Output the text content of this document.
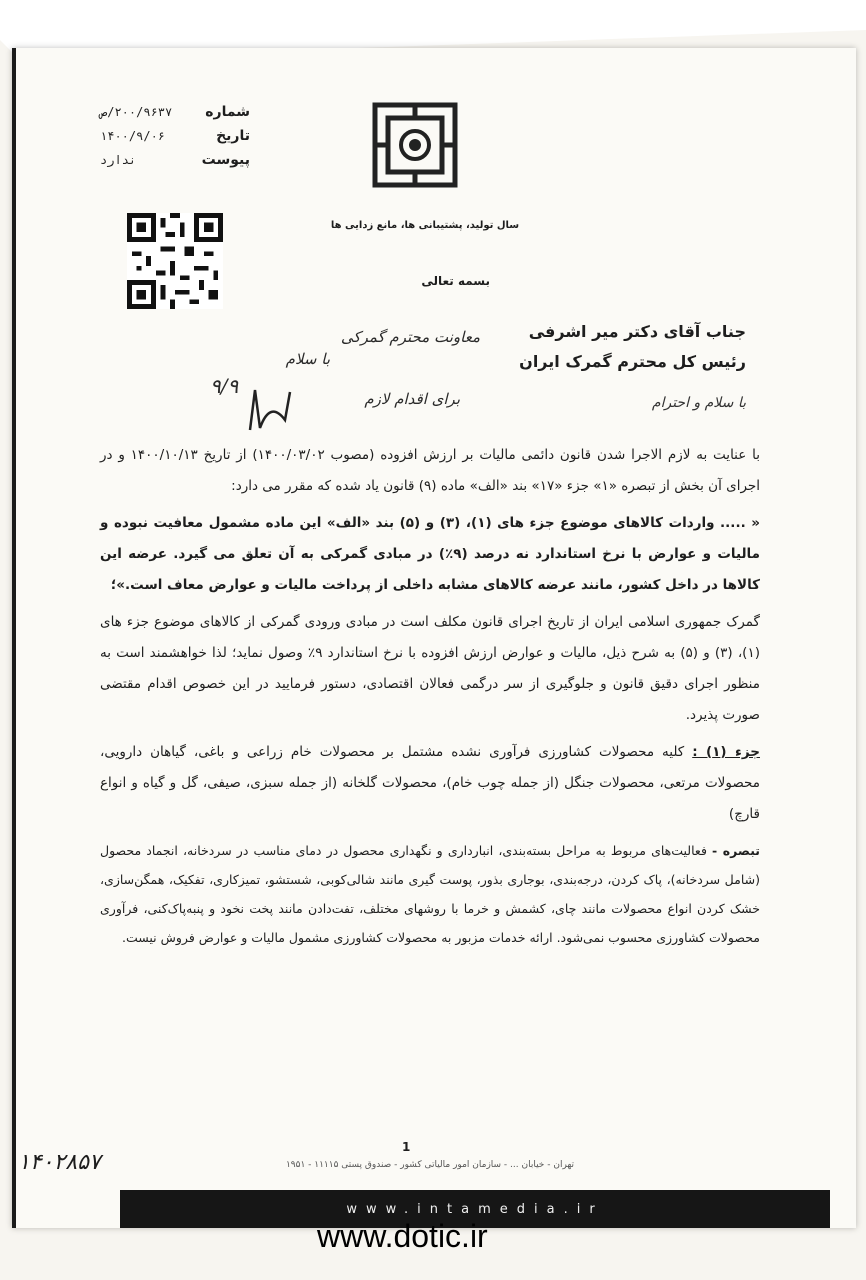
شماره
۲۰۰/۹۶۳۷/ص
تاریخ
۱۴۰۰/۹/۰۶
پیوست
ندارد
سال تولید، پشتیبانی ها، مانع زدایی ها
بسمه تعالی
معاونت محترم گمرکی
با سلام
برای اقدام لازم
۹/۹
جناب آقای دکتر میر اشرفی
رئیس کل محترم گمرک ایران
با سلام و احترام

با عنایت به لازم الاجرا شدن قانون دائمی مالیات بر ارزش افزوده (مصوب ۱۴۰۰/۰۳/۰۲) از تاریخ ۱۴۰۰/۱۰/۱۳ و در اجرای آن بخش از تبصره «۱» جزء «۱۷» بند «الف» ماده (۹) قانون یاد شده که مقرر می دارد:

« ..... واردات کالاهای موضوع جزء های (۱)، (۳) و (۵) بند «الف» این ماده مشمول معافیت نبوده و مالیات و عوارض با نرخ استاندارد نه درصد (۹٪) در مبادی گمرکی به آن تعلق می گیرد. عرضه این کالاها در داخل کشور، مانند عرضه کالاهای مشابه داخلی از پرداخت مالیات و عوارض معاف است.»؛

گمرک جمهوری اسلامی ایران از تاریخ اجرای قانون مکلف است در مبادی ورودی گمرکی از کالاهای موضوع جزء های (۱)، (۳) و (۵) به شرح ذیل، مالیات و عوارض ارزش افزوده با نرخ استاندارد ۹٪ وصول نماید؛ لذا خواهشمند است به منظور اجرای دقیق قانون و جلوگیری از سر درگمی فعالان اقتصادی، دستور فرمایید در این خصوص اقدام مقتضی صورت پذیرد.

جزء (۱) : کلیه محصولات کشاورزی فرآوری نشده مشتمل بر محصولات خام زراعی و باغی، گیاهان دارویی، محصولات مرتعی، محصولات جنگل (از جمله چوب خام)، محصولات گلخانه (از جمله سبزی، صیفی، گل و گیاه و انواع قارچ)

تبصره - فعالیت‌های مربوط به مراحل بسته‌بندی، انبارداری و نگهداری محصول در دمای مناسب در سردخانه، انجماد محصول (شامل سردخانه)، پاک کردن، درجه‌بندی، بوجاری بذور، پوست گیری مانند شالی‌کوبی، شستشو، تمیزکاری، تفکیک، همگن‌سازی، خشک کردن انواع محصولات مانند چای، کشمش و خرما با روشهای مختلف، تفت‌دادن مانند پخت نخود و پنبه‌پاک‌کنی، فرآوری محصولات کشاورزی محسوب نمی‌شود. ارائه خدمات مزبور به محصولات کشاورزی مشمول مالیات و عوارض فروش نیست.

1
تهران - خیابان ... - سازمان امور مالیاتی کشور - صندوق پستی ۱۱۱۱۵ - ۱۹۵۱
۱۴۰۲۸۵۷
www.intamedia.ir
www.dotic.ir
